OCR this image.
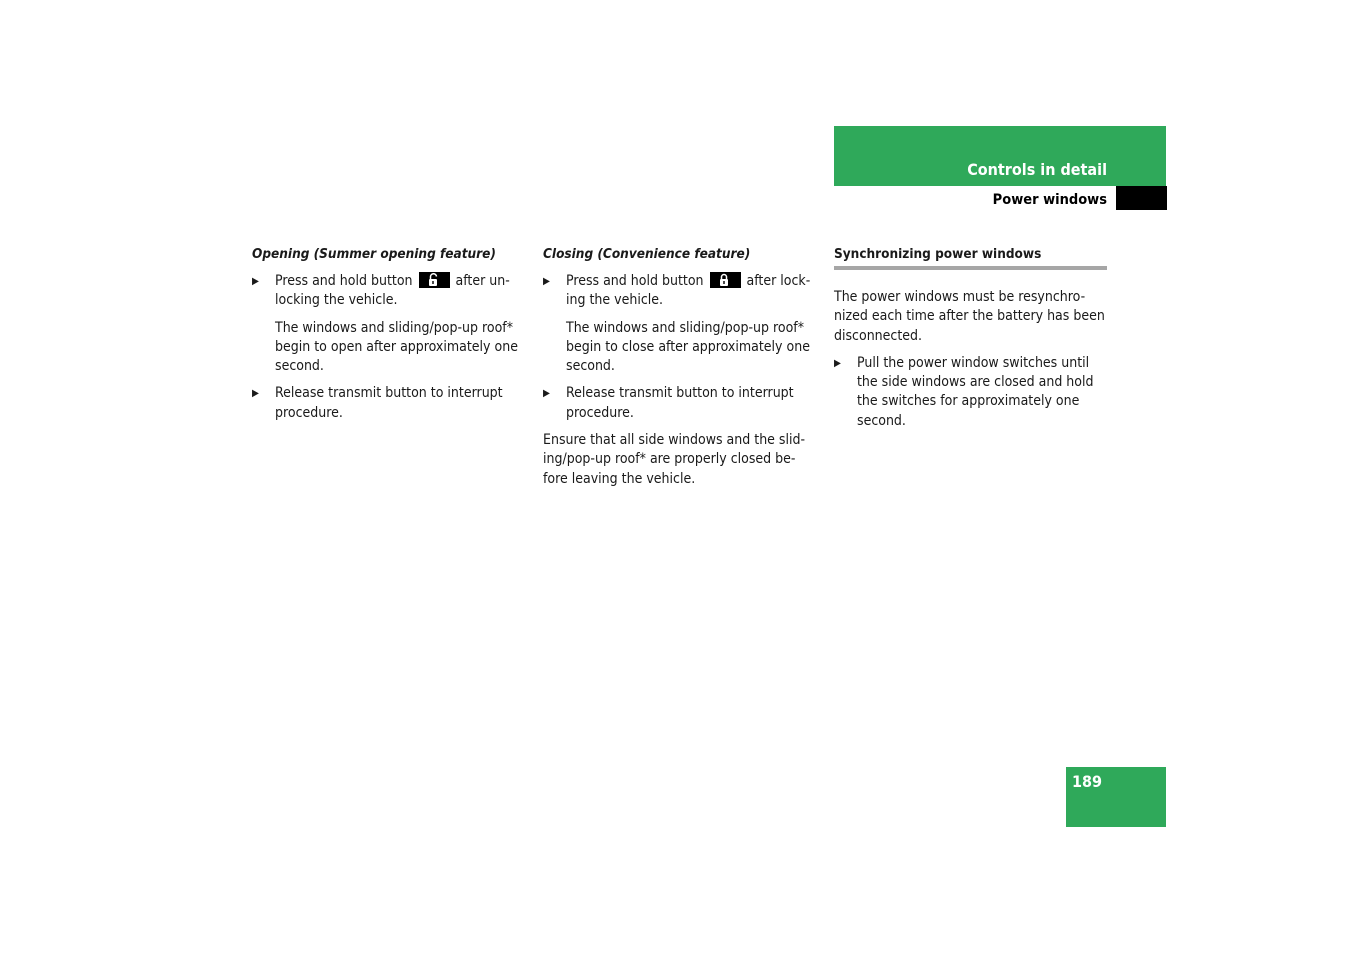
Controls in detail
Power windows

Opening (Summer opening feature)

▶ Press and hold button	after un-
locking the vehicle.
The windows and sliding/pop-up roof*
begin to open after approximately one
second.
▶ Release transmit button to interrupt
procedure.

Closing (Convenience feature)

▶ Press and hold button	after lock-
ing the vehicle.
The windows and sliding/pop-up roof*
begin to close after approximately one
second.
▶ Release transmit button to interrupt
procedure.
Ensure that all side windows and the slid-
ing/pop-up roof* are properly closed be-
fore leaving the vehicle.

Synchronizing power windows

The power windows must be resynchro-
nized each time after the battery has been
disconnected.
▶ Pull the power window switches until
the side windows are closed and hold
the switches for approximately one
second.
189
